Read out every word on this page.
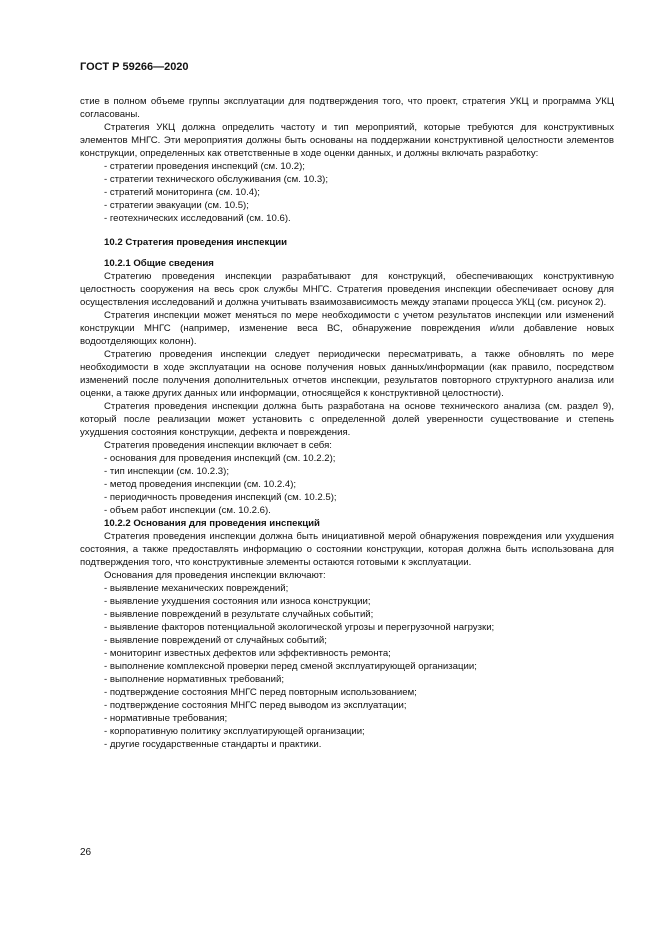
ГОСТ Р 59266—2020

стие в полном объеме группы эксплуатации для подтверждения того, что проект, стратегия УКЦ и программа УКЦ согласованы.

Стратегия УКЦ должна определить частоту и тип мероприятий, которые требуются для конструктивных элементов МНГС. Эти мероприятия должны быть основаны на поддержании конструктивной целостности элементов конструкции, определенных как ответственные в ходе оценки данных, и должны включать разработку:

- стратегии проведения инспекций (см. 10.2);

- стратегии технического обслуживания (см. 10.3);

- стратегий мониторинга (см. 10.4);

- стратегии эвакуации (см. 10.5);

- геотехнических исследований (см. 10.6).

10.2 Стратегия проведения инспекции

10.2.1 Общие сведения

Стратегию проведения инспекции разрабатывают для конструкций, обеспечивающих конструктивную целостность сооружения на весь срок службы МНГС. Стратегия проведения инспекции обеспечивает основу для осуществления исследований и должна учитывать взаимозависимость между этапами процесса УКЦ (см. рисунок 2).

Стратегия инспекции может меняться по мере необходимости с учетом результатов инспекции или изменений конструкции МНГС (например, изменение веса ВС, обнаружение повреждения и/или добавление новых водоотделяющих колонн).

Стратегию проведения инспекции следует периодически пересматривать, а также обновлять по мере необходимости в ходе эксплуатации на основе получения новых данных/информации (как правило, посредством изменений после получения дополнительных отчетов инспекции, результатов повторного структурного анализа или оценки, а также других данных или информации, относящейся к конструктивной целостности).

Стратегия проведения инспекции должна быть разработана на основе технического анализа (см. раздел 9), который после реализации может установить с определенной долей уверенности существование и степень ухудшения состояния конструкции, дефекта и повреждения.

Стратегия проведения инспекции включает в себя:

- основания для проведения инспекций (см. 10.2.2);

- тип инспекции (см. 10.2.3);

- метод проведения инспекции (см. 10.2.4);

- периодичность проведения инспекций (см. 10.2.5);

- объем работ инспекции (см. 10.2.6).

10.2.2 Основания для проведения инспекций

Стратегия проведения инспекции должна быть инициативной мерой обнаружения повреждения или ухудшения состояния, а также предоставлять информацию о состоянии конструкции, которая должна быть использована для подтверждения того, что конструктивные элементы остаются готовыми к эксплуатации.

Основания для проведения инспекции включают:

- выявление механических повреждений;

- выявление ухудшения состояния или износа конструкции;

- выявление повреждений в результате случайных событий;

- выявление факторов потенциальной экологической угрозы и перегрузочной нагрузки;

- выявление повреждений от случайных событий;

- мониторинг известных дефектов или эффективность ремонта;

- выполнение комплексной проверки перед сменой эксплуатирующей организации;

- выполнение нормативных требований;

- подтверждение состояния МНГС перед повторным использованием;

- подтверждение состояния МНГС перед выводом из эксплуатации;

- нормативные требования;

- корпоративную политику эксплуатирующей организации;

- другие государственные стандарты и практики.

26
